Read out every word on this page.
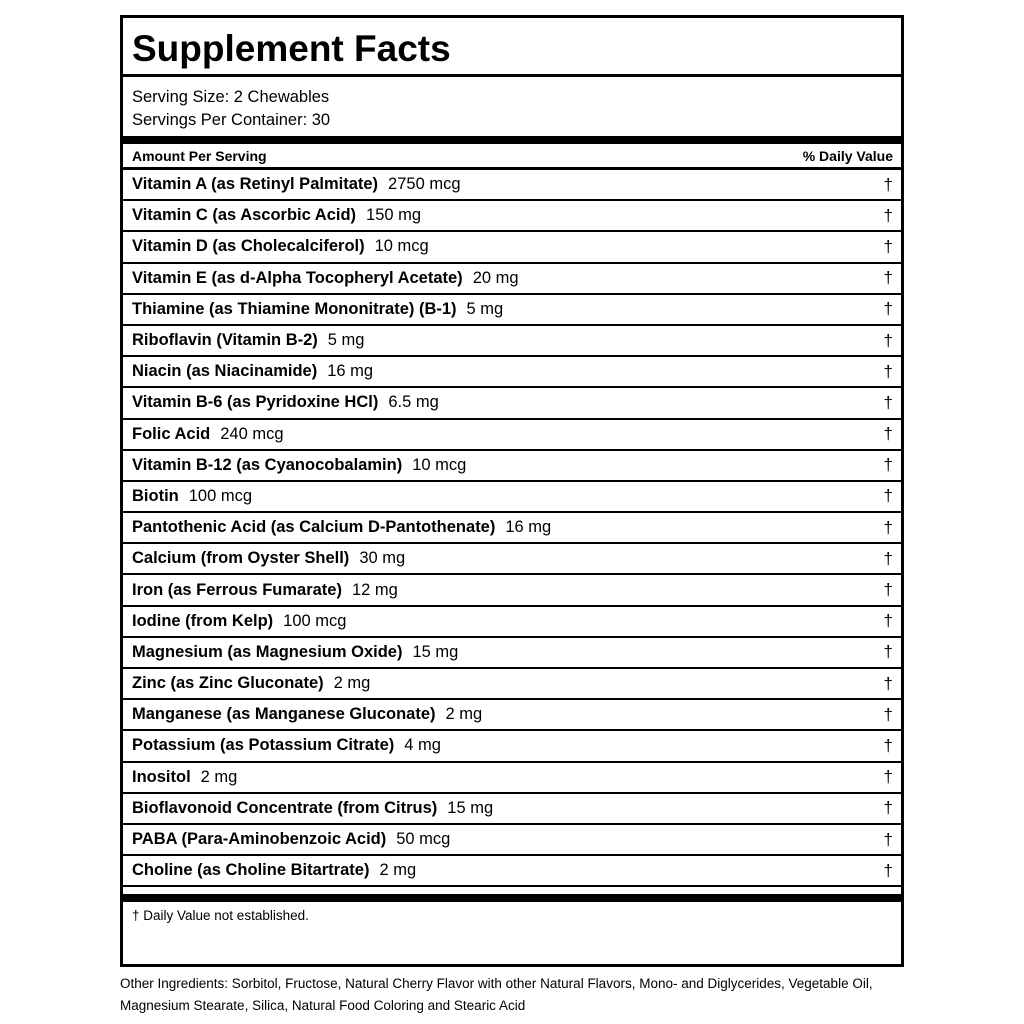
Supplement Facts
Serving Size: 2 Chewables
Servings Per Container: 30
Amount Per Serving	% Daily Value
Vitamin A (as Retinyl Palmitate) 2750 mcg	†
Vitamin C (as Ascorbic Acid) 150 mg	†
Vitamin D (as Cholecalciferol) 10 mcg	†
Vitamin E (as d-Alpha Tocopheryl Acetate) 20 mg	†
Thiamine (as Thiamine Mononitrate) (B-1) 5 mg	†
Riboflavin (Vitamin B-2) 5 mg	†
Niacin (as Niacinamide) 16 mg	†
Vitamin B-6 (as Pyridoxine HCl) 6.5 mg	†
Folic Acid 240 mcg	†
Vitamin B-12 (as Cyanocobalamin) 10 mcg	†
Biotin 100 mcg	†
Pantothenic Acid (as Calcium D-Pantothenate) 16 mg	†
Calcium (from Oyster Shell) 30 mg	†
Iron (as Ferrous Fumarate) 12 mg	†
Iodine (from Kelp) 100 mcg	†
Magnesium (as Magnesium Oxide) 15 mg	†
Zinc (as Zinc Gluconate) 2 mg	†
Manganese (as Manganese Gluconate) 2 mg	†
Potassium (as Potassium Citrate) 4 mg	†
Inositol 2 mg	†
Bioflavonoid Concentrate (from Citrus) 15 mg	†
PABA (Para-Aminobenzoic Acid) 50 mcg	†
Choline (as Choline Bitartrate) 2 mg	†
† Daily Value not established.
Other Ingredients: Sorbitol, Fructose, Natural Cherry Flavor with other Natural Flavors, Mono- and Diglycerides, Vegetable Oil, Magnesium Stearate, Silica, Natural Food Coloring and Stearic Acid
